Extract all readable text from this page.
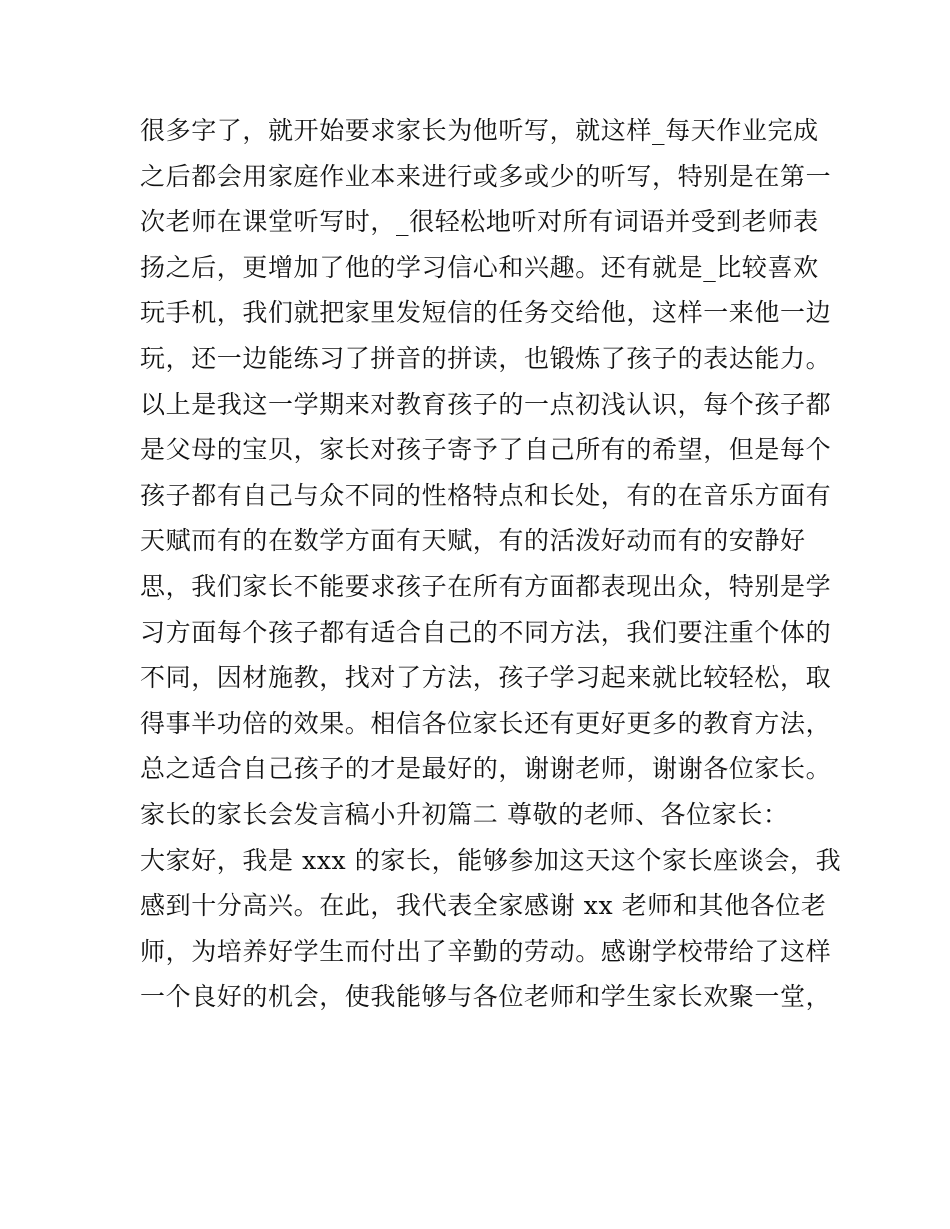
很多字了，就开始要求家长为他听写，就这样_每天作业完成
之后都会用家庭作业本来进行或多或少的听写，特别是在第一
次老师在课堂听写时，_很轻松地听对所有词语并受到老师表
扬之后，更增加了他的学习信心和兴趣。还有就是_比较喜欢
玩手机，我们就把家里发短信的任务交给他，这样一来他一边
玩，还一边能练习了拼音的拼读，也锻炼了孩子的表达能力。
以上是我这一学期来对教育孩子的一点初浅认识，每个孩子都
是父母的宝贝，家长对孩子寄予了自己所有的希望，但是每个
孩子都有自己与众不同的性格特点和长处，有的在音乐方面有
天赋而有的在数学方面有天赋，有的活泼好动而有的安静好
思，我们家长不能要求孩子在所有方面都表现出众，特别是学
习方面每个孩子都有适合自己的不同方法，我们要注重个体的
不同，因材施教，找对了方法，孩子学习起来就比较轻松，取
得事半功倍的效果。相信各位家长还有更好更多的教育方法，
总之适合自己孩子的才是最好的，谢谢老师，谢谢各位家长。
家长的家长会发言稿小升初篇二 尊敬的老师、各位家长：
大家好，我是 xxx 的家长，能够参加这天这个家长座谈会，我
感到十分高兴。在此，我代表全家感谢 xx 老师和其他各位老
师，为培养好学生而付出了辛勤的劳动。感谢学校带给了这样
一个良好的机会，使我能够与各位老师和学生家长欢聚一堂，
